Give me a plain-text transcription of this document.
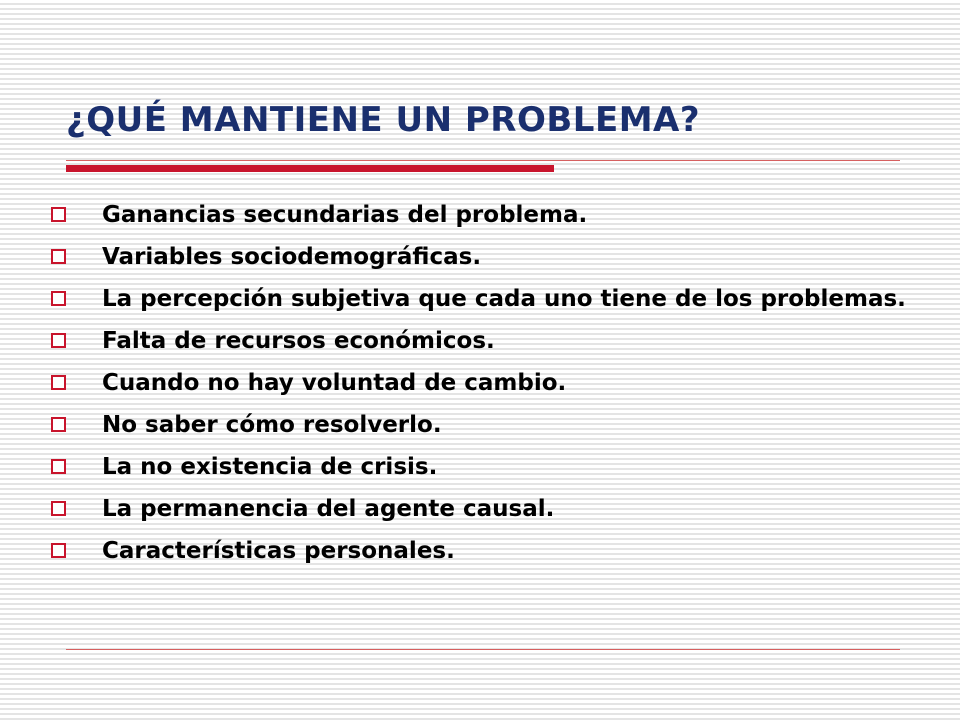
¿QUÉ MANTIENE UN PROBLEMA?
Ganancias secundarias del problema.
Variables sociodemográficas.
La percepción subjetiva que cada uno tiene de los problemas.
Falta de recursos económicos.
Cuando no hay voluntad de cambio.
No saber cómo resolverlo.
La no existencia de crisis.
La permanencia del agente causal.
Características personales.
